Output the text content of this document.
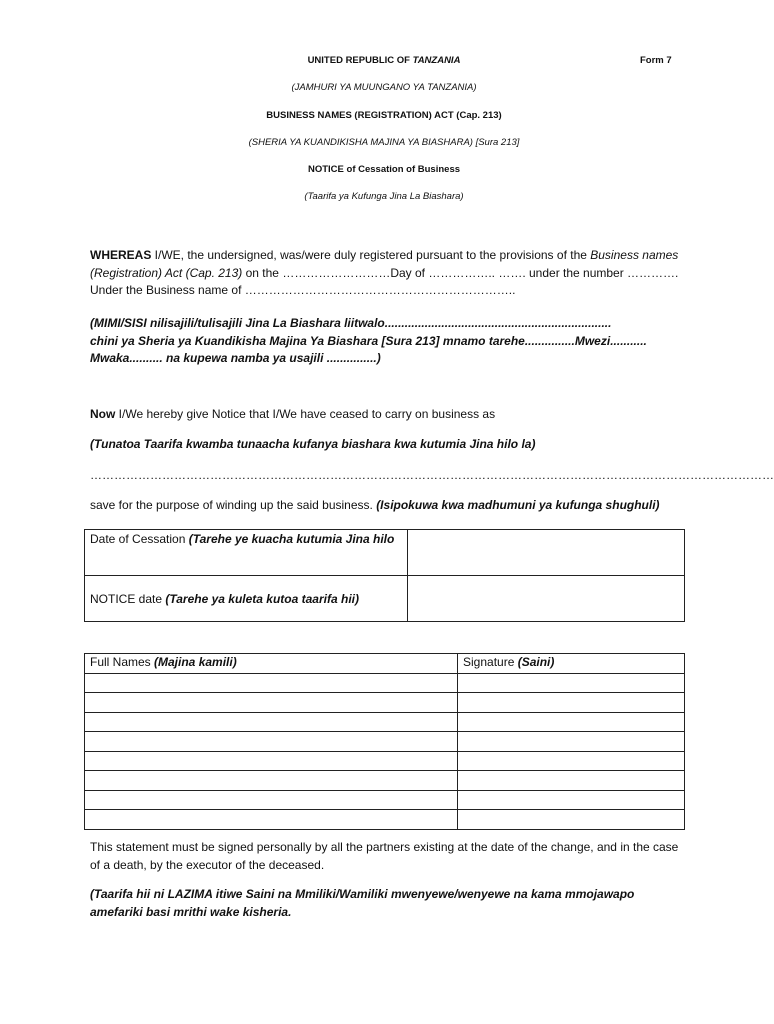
UNITED REPUBLIC OF TANZANIA	Form 7
(JAMHURI YA MUUNGANO YA TANZANIA)
BUSINESS NAMES (REGISTRATION) ACT (Cap. 213)
(SHERIA YA KUANDIKISHA MAJINA YA BIASHARA) [Sura 213]
NOTICE of Cessation of Business
(Taarifa ya Kufunga Jina La Biashara)
WHEREAS I/WE, the undersigned, was/were duly registered pursuant to the provisions of the Business names (Registration) Act (Cap. 213) on the ………………………Day of …………….. ……. under the number …………. Under the Business name of …………………………………………………………..
(MIMI/SISI nilisajili/tulisajili Jina La Biashara liitwalo....................................................................
chini ya Sheria ya Kuandikisha Majina Ya Biashara [Sura 213] mnamo tarehe...............Mwezi...........
Mwaka.......... na kupewa namba ya usajili ...............)
Now I/We hereby give Notice that I/We have ceased to carry on business as
(Tunatoa Taarifa kwamba tunaacha kufanya biashara kwa kutumia Jina hilo la)
………………………………………………………………………………………………………………………………………………………
save for the purpose of winding up the said business. (Isipokuwa kwa madhumuni ya kufunga shughuli)
Date of Cessation (Tarehe ye kuacha kutumia Jina hilo	
NOTICE date (Tarehe ya kuleta kutoa taarifa hii)	
Full Names (Majina kamili)	Signature (Saini)

This statement must be signed personally by all the partners existing at the date of the change, and in the case of a death, by the executor of the deceased.
(Taarifa hii ni LAZIMA itiwe Saini na Mmiliki/Wamiliki mwenyewe/wenyewe na kama mmojawapo amefariki basi mrithi wake kisheria.
